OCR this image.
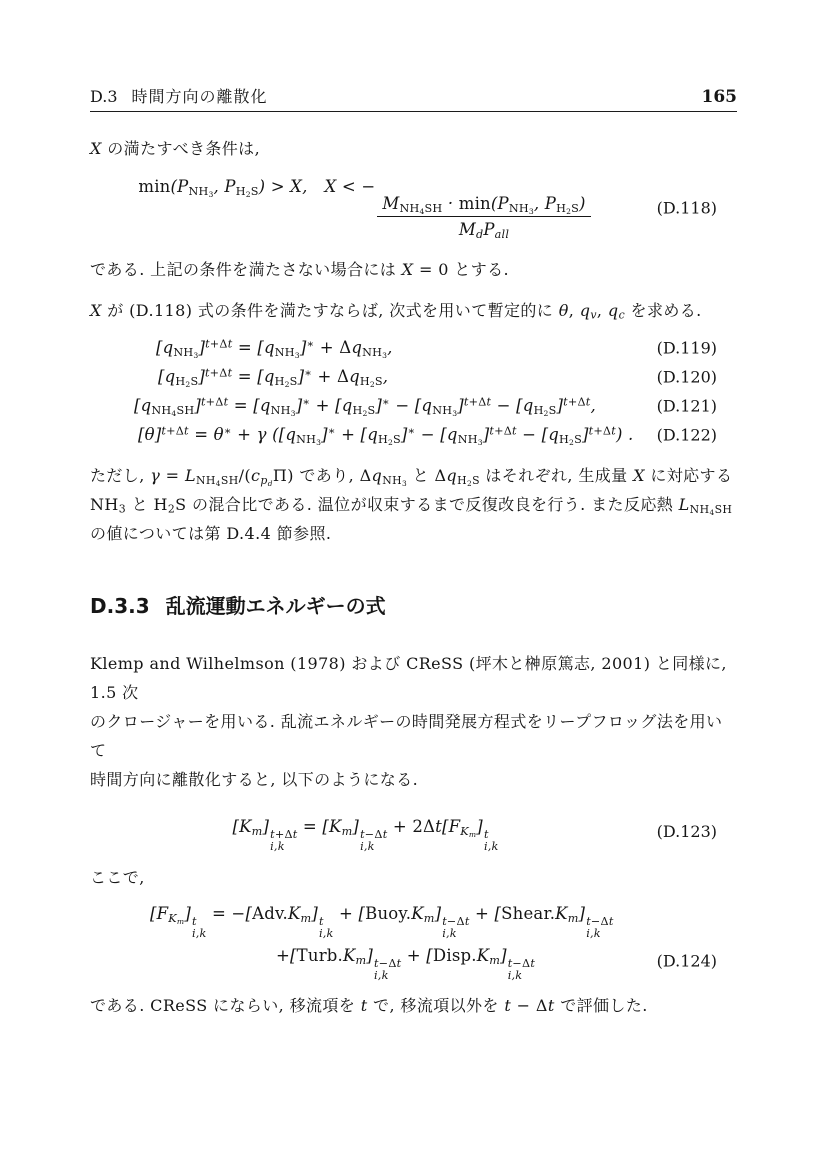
D.3 時間方向の離散化	165
X の満たすべき条件は,
$\min(P_{NH_3}$, $P_{H_2S}) > X$,  X < −
$\frac{M_{NH_4SH} \cdot \min(P_{NH_3}, P_{H_2S})}{M_dP_{all}}$	(D.118)
である. 上記の条件を満たさない場合には X = 0 とする.
X が (D.118) 式の条件を満たすならば, 次式を用いて暫定的に θ, $q_v$, $q_c$ を求める.
$[q_{NH_3}]^{t+\Delta t} = [q_{NH_3}]^∗ + \Delta q_{NH_3}$,	(D.119)
$[q_{H_2S}]^{t+\Delta t} = [q_{H_2S}]^∗ + \Delta q_{H_2S}$,	(D.120)
$[q_{NH_4SH}]^{t+\Delta t} = [q_{NH_3}]^∗ + [q_{H_2S}]^∗ - [q_{NH_3}]^{t+\Delta t} - [q_{H_2S}]^{t+\Delta t}$,	(D.121)
$[\theta]^{t+\Delta t} = \theta^∗ + \gamma$ $([q_{NH_3}]^∗ + [q_{H_2S}]^∗ - [q_{NH_3}]^{t+\Delta t} - [q_{H_2S}]^{t+\Delta t})$ . (D.122)
ただし, $\gamma = L_{NH_4SH}/(c_{p_d}\Pi)$ であり, $\Delta q_{NH_3}$ と $\Delta q_{H_2S}$ はそれぞれ, 生成量 X に対応する
$NH_3$ と $H_2S$ の混合比である. 温位が収束するまで反復改良を行う. また反応熱 $L_{NH_4SH}$
の値については第 D.4.4 節参照.
D.3.3 乱流運動エネルギーの式
Klemp and Wilhelmson (1978) および CReSS (坪木と榊原篤志, 2001) と同様に, 1.5 次
のクロージャーを用いる. 乱流エネルギーの時間発展方程式をリープフロッグ法を用いて
時間方向に離散化すると, 以下のようになる.
$[K_m]$ t+Δt
i,k
= $[K_m]$ t−Δt
i,k
+ $2\Delta t[F_{K_m}]$ t
i,k
(D.123)
ここで,
$[F_{K_m}]$ t
i,k
= $-[Adv.K_m]$ t
i,k
+ $[Buoy.K_m]$ t−Δt
i,k
+ $[Shear.K_m]$ t−Δt
i,k
$+[Turb.K_m]$ t−Δt
i,k
+ $[Disp.K_m]$ t−Δt
i,k
(D.124)
である. CReSS にならい, 移流項を t で, 移流項以外を t − Δt で評価した.
